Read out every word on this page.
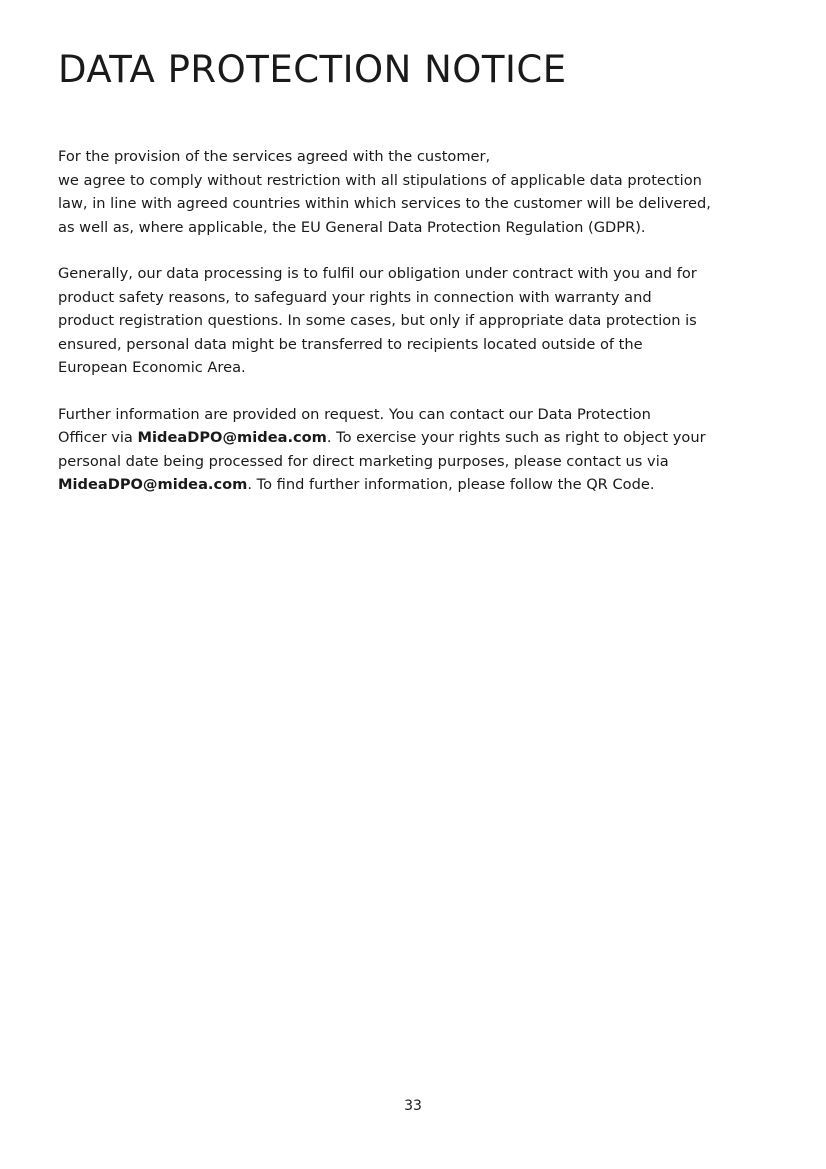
DATA PROTECTION NOTICE

For the provision of the services agreed with the customer,
we agree to comply without restriction with all stipulations of applicable data protection
law, in line with agreed countries within which services to the customer will be delivered,
as well as, where applicable, the EU General Data Protection Regulation (GDPR).

Generally, our data processing is to fulfil our obligation under contract with you and for
product safety reasons, to safeguard your rights in connection with warranty and
product registration questions. In some cases, but only if appropriate data protection is
ensured, personal data might be transferred to recipients located outside of the
European Economic Area.

Further information are provided on request. You can contact our Data Protection
Officer via MideaDPO@midea.com. To exercise your rights such as right to object your
personal date being processed for direct marketing purposes, please contact us via
MideaDPO@midea.com. To find further information, please follow the QR Code.

33
